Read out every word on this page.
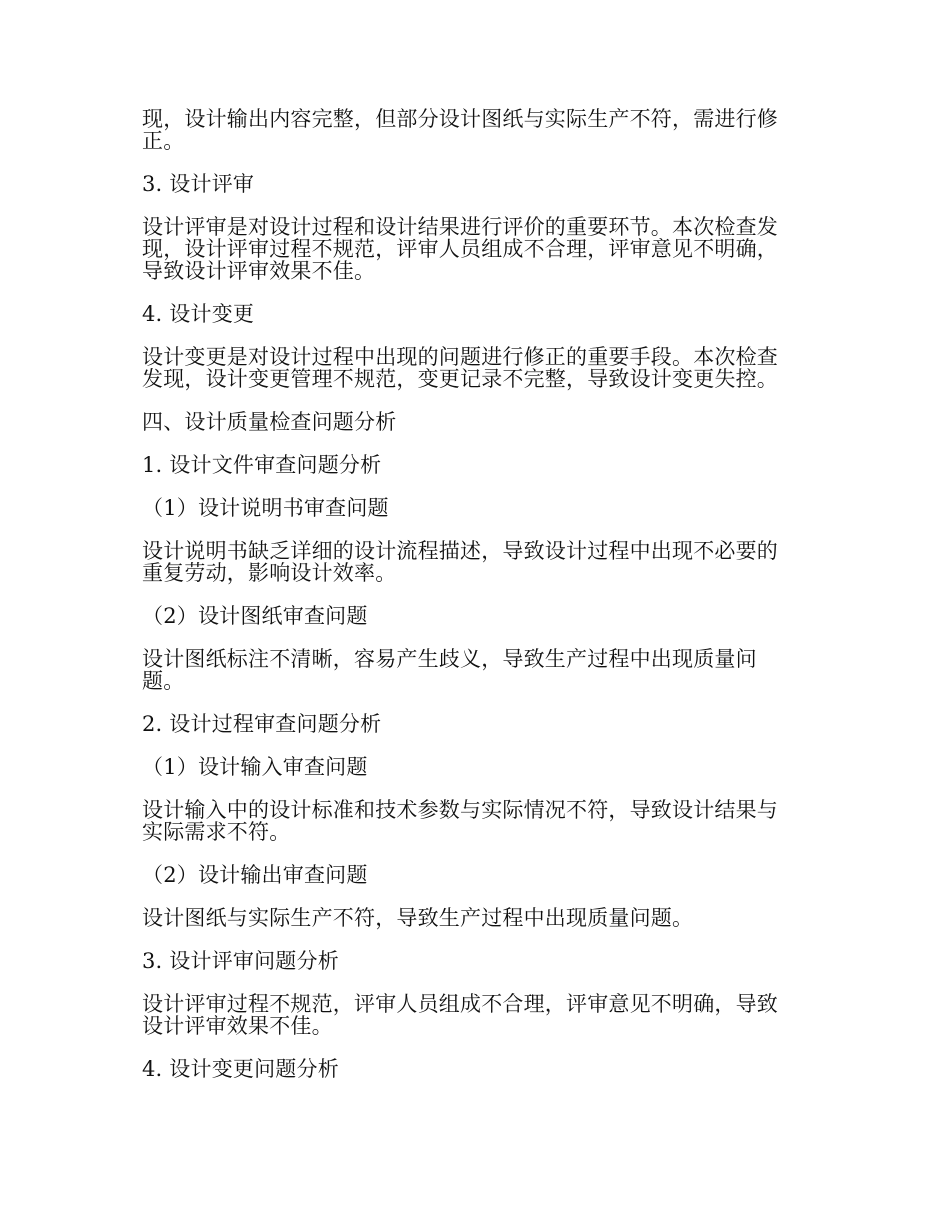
现，设计输出内容完整，但部分设计图纸与实际生产不符，需进行修正。

3. 设计评审

设计评审是对设计过程和设计结果进行评价的重要环节。本次检查发现，设计评审过程不规范，评审人员组成不合理，评审意见不明确，导致设计评审效果不佳。

4. 设计变更

设计变更是对设计过程中出现的问题进行修正的重要手段。本次检查发现，设计变更管理不规范，变更记录不完整，导致设计变更失控。

四、设计质量检查问题分析

1. 设计文件审查问题分析

（1）设计说明书审查问题

设计说明书缺乏详细的设计流程描述，导致设计过程中出现不必要的重复劳动，影响设计效率。

（2）设计图纸审查问题

设计图纸标注不清晰，容易产生歧义，导致生产过程中出现质量问题。

2. 设计过程审查问题分析

（1）设计输入审查问题

设计输入中的设计标准和技术参数与实际情况不符，导致设计结果与实际需求不符。

（2）设计输出审查问题

设计图纸与实际生产不符，导致生产过程中出现质量问题。

3. 设计评审问题分析

设计评审过程不规范，评审人员组成不合理，评审意见不明确，导致设计评审效果不佳。

4. 设计变更问题分析
